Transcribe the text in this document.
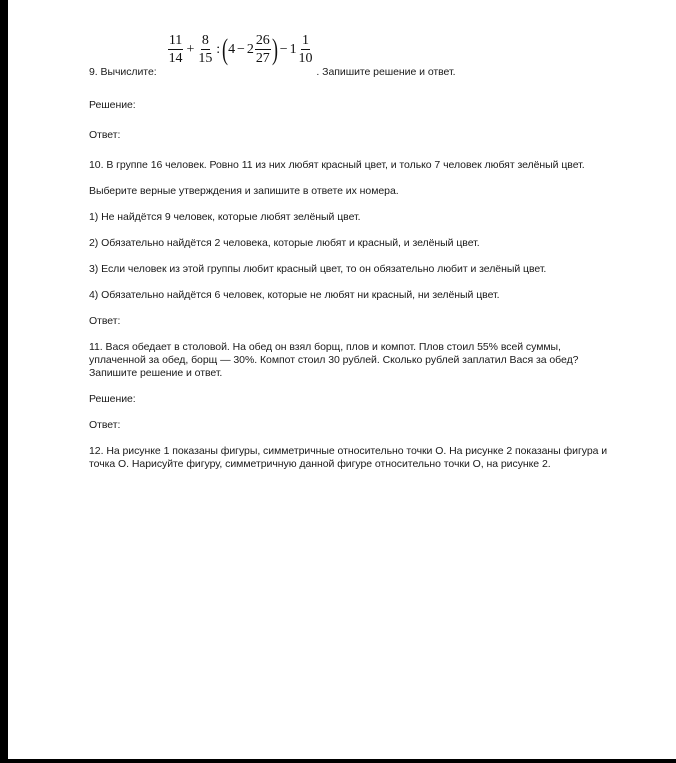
9. Вычислите:
$\frac{11}{14} + \frac{8}{15}$ : ( $4 - 2 \frac{26}{27}$ ) − $1 \frac{1}{10}$
. Запишите решение и ответ.

Решение:

Ответ:

10. В группе 16 человек. Ровно 11 из них любят красный цвет, и только 7 человек любят зелёный цвет.

Выберите верные утверждения и запишите в ответе их номера.

1) Не найдётся 9 человек, которые любят зелёный цвет.

2) Обязательно найдётся 2 человека, которые любят и красный, и зелёный цвет.

3) Если человек из этой группы любит красный цвет, то он обязательно любит и зелёный цвет.

4) Обязательно найдётся 6 человек, которые не любят ни красный, ни зелёный цвет.

Ответ:

11. Вася обедает в столовой. На обед он взял борщ, плов и компот. Плов стоил 55% всей суммы, уплаченной за обед, борщ — 30%. Компот стоил 30 рублей. Сколько рублей заплатил Вася за обед? Запишите решение и ответ.

Решение:

Ответ:

12. На рисунке 1 показаны фигуры, симметричные относительно точки О. На рисунке 2 показаны фигура и точка О. Нарисуйте фигуру, симметричную данной фигуре относительно точки О, на рисунке 2.
